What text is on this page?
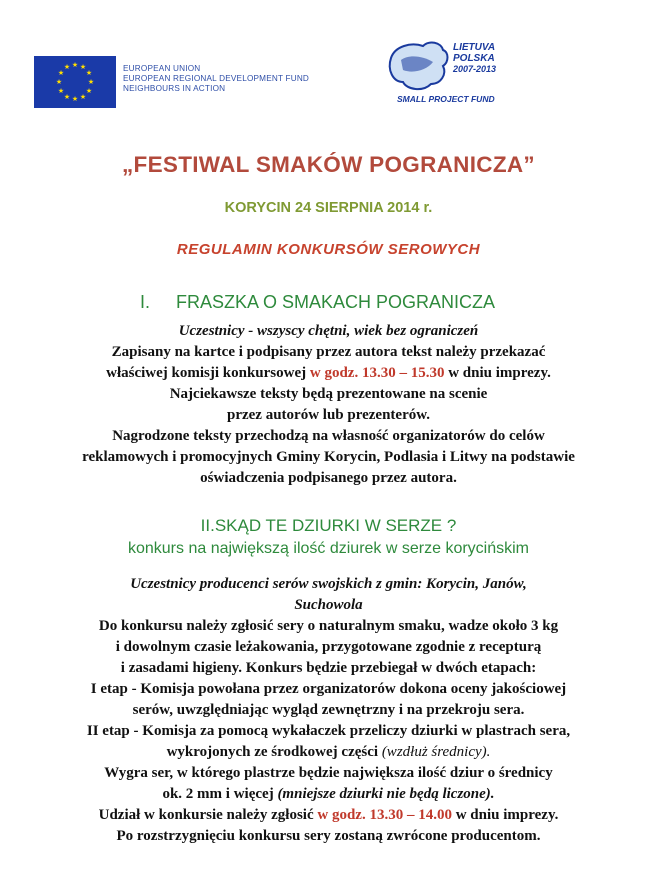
★ ★
★
★
★
★
★
★
★
★
★
★	EUROPEAN UNION
EUROPEAN REGIONAL DEVELOPMENT FUND
NEIGHBOURS IN ACTION
LIETUVA
POLSKA
2007-2013
SMALL PROJECT FUND
„FESTIWAL SMAKÓW POGRANICZA”
KORYCIN 24 SIERPNIA 2014 r.
REGULAMIN KONKURSÓW SEROWYCH
I. FRASZKA O SMAKACH POGRANICZA
Uczestnicy - wszyscy chętni, wiek bez ograniczeń
Zapisany na kartce i podpisany przez autora tekst należy przekazać
właściwej komisji konkursowej w godz. 13.30 – 15.30 w dniu imprezy.
Najciekawsze teksty będą prezentowane na scenie
przez autorów lub prezenterów.
Nagrodzone teksty przechodzą na własność organizatorów do celów
reklamowych i promocyjnych Gminy Korycin, Podlasia i Litwy na podstawie
oświadczenia podpisanego przez autora.
II.SKĄD TE DZIURKI W SERZE ?
konkurs na największą ilość dziurek w serze korycińskim
Uczestnicy producenci serów swojskich z gmin: Korycin, Janów,
Suchowola
Do konkursu należy zgłosić sery o naturalnym smaku, wadze około 3 kg
i dowolnym czasie leżakowania, przygotowane zgodnie z recepturą
i zasadami higieny. Konkurs będzie przebiegał w dwóch etapach:
I etap - Komisja powołana przez organizatorów dokona oceny jakościowej
serów, uwzględniając wygląd zewnętrzny i na przekroju sera.
II etap - Komisja za pomocą wykałaczek przeliczy dziurki w plastrach sera,
wykrojonych ze środkowej części (wzdłuż średnicy).
Wygra ser, w którego plastrze będzie największa ilość dziur o średnicy
ok. 2 mm i więcej (mniejsze dziurki nie będą liczone).
Udział w konkursie należy zgłosić w godz. 13.30 – 14.00 w dniu imprezy.
Po rozstrzygnięciu konkursu sery zostaną zwrócone producentom.
